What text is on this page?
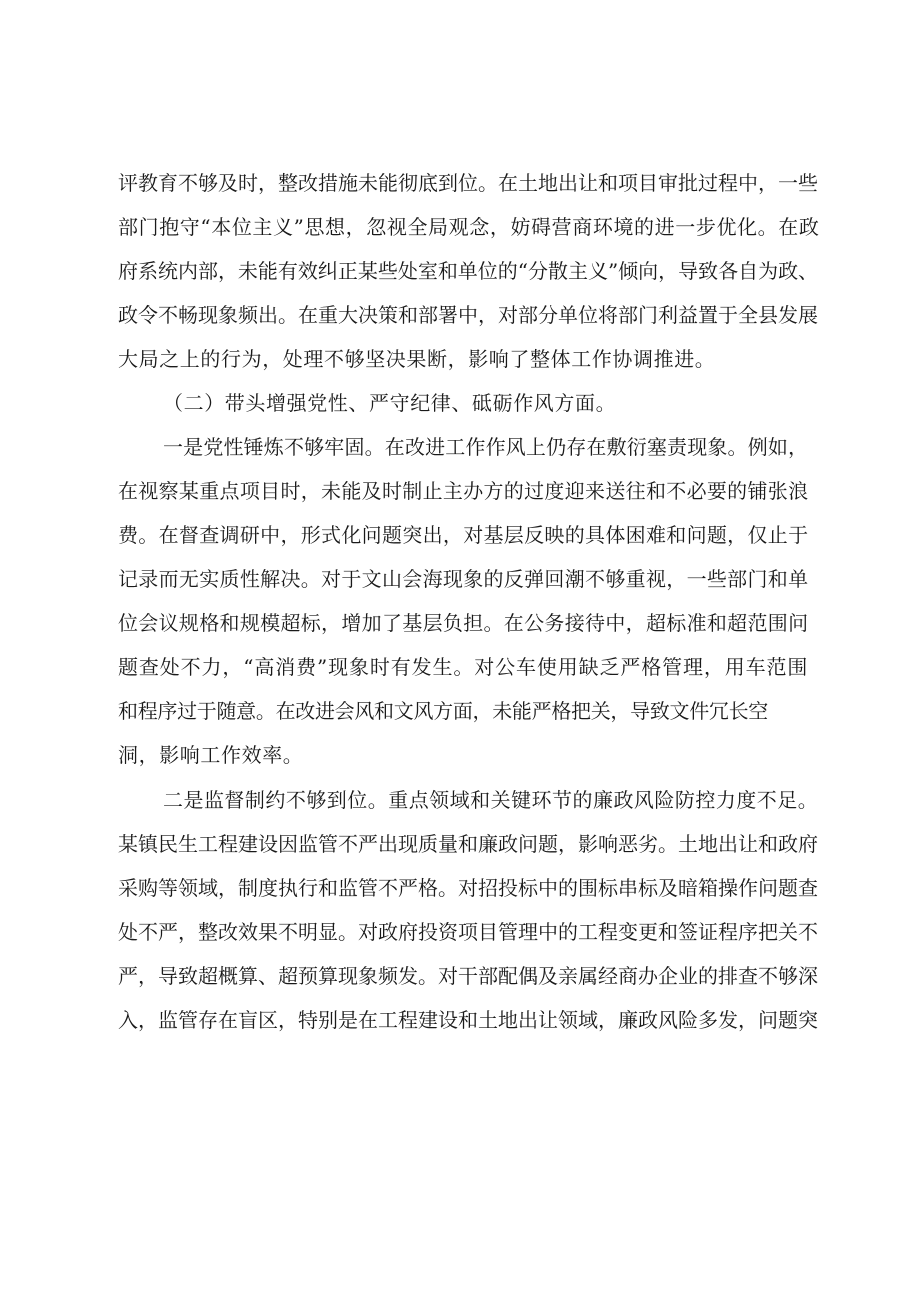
评教育不够及时，整改措施未能彻底到位。在土地出让和项目审批过程中，一些
部门抱守“本位主义”思想，忽视全局观念，妨碍营商环境的进一步优化。在政
府系统内部，未能有效纠正某些处室和单位的“分散主义”倾向，导致各自为政、
政令不畅现象频出。在重大决策和部署中，对部分单位将部门利益置于全县发展
大局之上的行为，处理不够坚决果断，影响了整体工作协调推进。
（二）带头增强党性、严守纪律、砥砺作风方面。
一是党性锤炼不够牢固。在改进工作作风上仍存在敷衍塞责现象。例如，
在视察某重点项目时，未能及时制止主办方的过度迎来送往和不必要的铺张浪
费。在督查调研中，形式化问题突出，对基层反映的具体困难和问题，仅止于
记录而无实质性解决。对于文山会海现象的反弹回潮不够重视，一些部门和单
位会议规格和规模超标，增加了基层负担。在公务接待中，超标准和超范围问
题查处不力，“高消费”现象时有发生。对公车使用缺乏严格管理，用车范围
和程序过于随意。在改进会风和文风方面，未能严格把关，导致文件冗长空
洞，影响工作效率。
二是监督制约不够到位。重点领域和关键环节的廉政风险防控力度不足。
某镇民生工程建设因监管不严出现质量和廉政问题，影响恶劣。土地出让和政府
采购等领域，制度执行和监管不严格。对招投标中的围标串标及暗箱操作问题查
处不严，整改效果不明显。对政府投资项目管理中的工程变更和签证程序把关不
严，导致超概算、超预算现象频发。对干部配偶及亲属经商办企业的排查不够深
入，监管存在盲区，特别是在工程建设和土地出让领域，廉政风险多发，问题突
